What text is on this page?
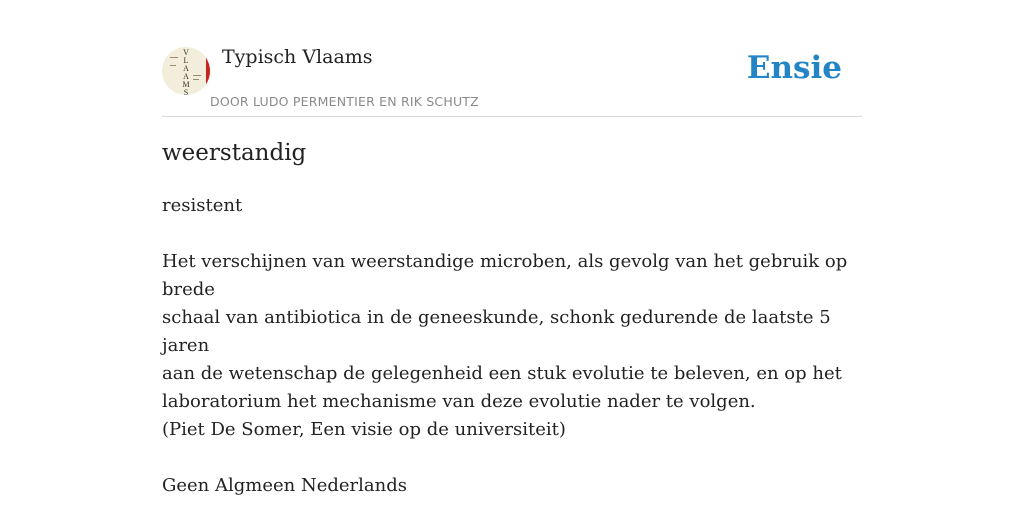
V
L
A
A
M
S
Typisch Vlaams
DOOR LUDO PERMENTIER EN RIK SCHUTZ
Ensie
weerstandig

resistent

Het verschijnen van weerstandige microben, als gevolg van het gebruik op brede

schaal van antibiotica in de geneeskunde, schonk gedurende de laatste 5 jaren

aan de wetenschap de gelegenheid een stuk evolutie te beleven, en op het

laboratorium het mechanisme van deze evolutie nader te volgen.

(Piet De Somer, Een visie op de universiteit)

Geen Algmeen Nederlands
